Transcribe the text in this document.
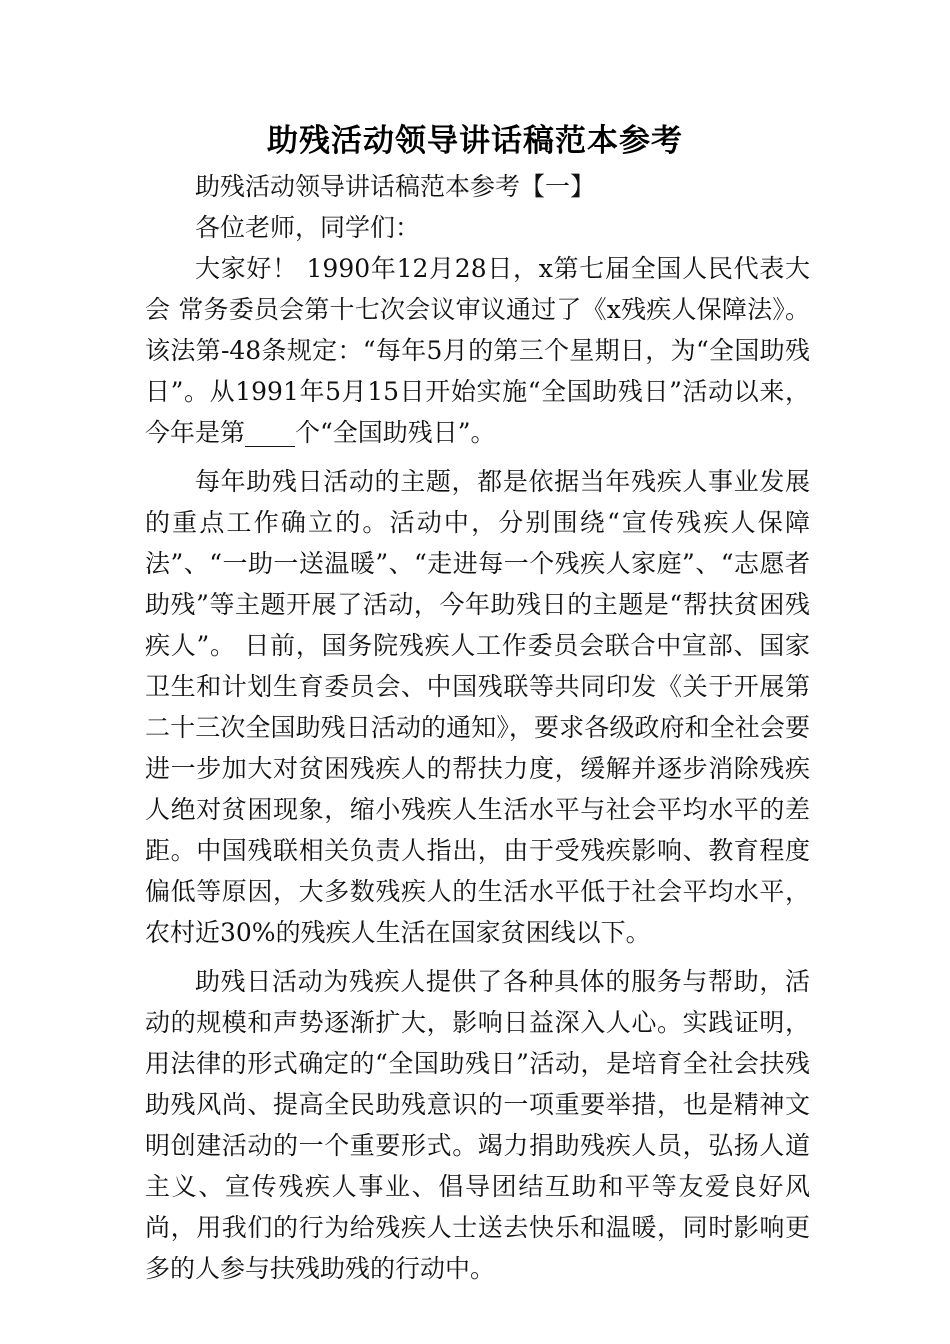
助残活动领导讲话稿范本参考

助残活动领导讲话稿范本参考【一】

各位老师，同学们：

大家好！ 1990年12月28日，x第七届全国人民代表大会 常务委员会第十七次会议审议通过了《x残疾人保障法》。该法第-48条规定：“每年5月的第三个星期日，为“全国助残日”。从1991年5月15日开始实施“全国助残日”活动以来，今年是第____个“全国助残日”。

每年助残日活动的主题，都是依据当年残疾人事业发展的重点工作确立的。活动中，分别围绕“宣传残疾人保障法”、“一助一送温暖”、“走进每一个残疾人家庭”、“志愿者助残”等主题开展了活动，今年助残日的主题是“帮扶贫困残疾人”。 日前，国务院残疾人工作委员会联合中宣部、国家卫生和计划生育委员会、中国残联等共同印发《关于开展第二十三次全国助残日活动的通知》，要求各级政府和全社会要进一步加大对贫困残疾人的帮扶力度，缓解并逐步消除残疾人绝对贫困现象，缩小残疾人生活水平与社会平均水平的差距。中国残联相关负责人指出，由于受残疾影响、教育程度偏低等原因，大多数残疾人的生活水平低于社会平均水平，农村近30%的残疾人生活在国家贫困线以下。

助残日活动为残疾人提供了各种具体的服务与帮助，活动的规模和声势逐渐扩大，影响日益深入人心。实践证明，用法律的形式确定的“全国助残日”活动，是培育全社会扶残助残风尚、提高全民助残意识的一项重要举措，也是精神文明创建活动的一个重要形式。竭力捐助残疾人员，弘扬人道主义、宣传残疾人事业、倡导团结互助和平等友爱良好风尚，用我们的行为给残疾人士送去快乐和温暖，同时影响更多的人参与扶残助残的行动中。
